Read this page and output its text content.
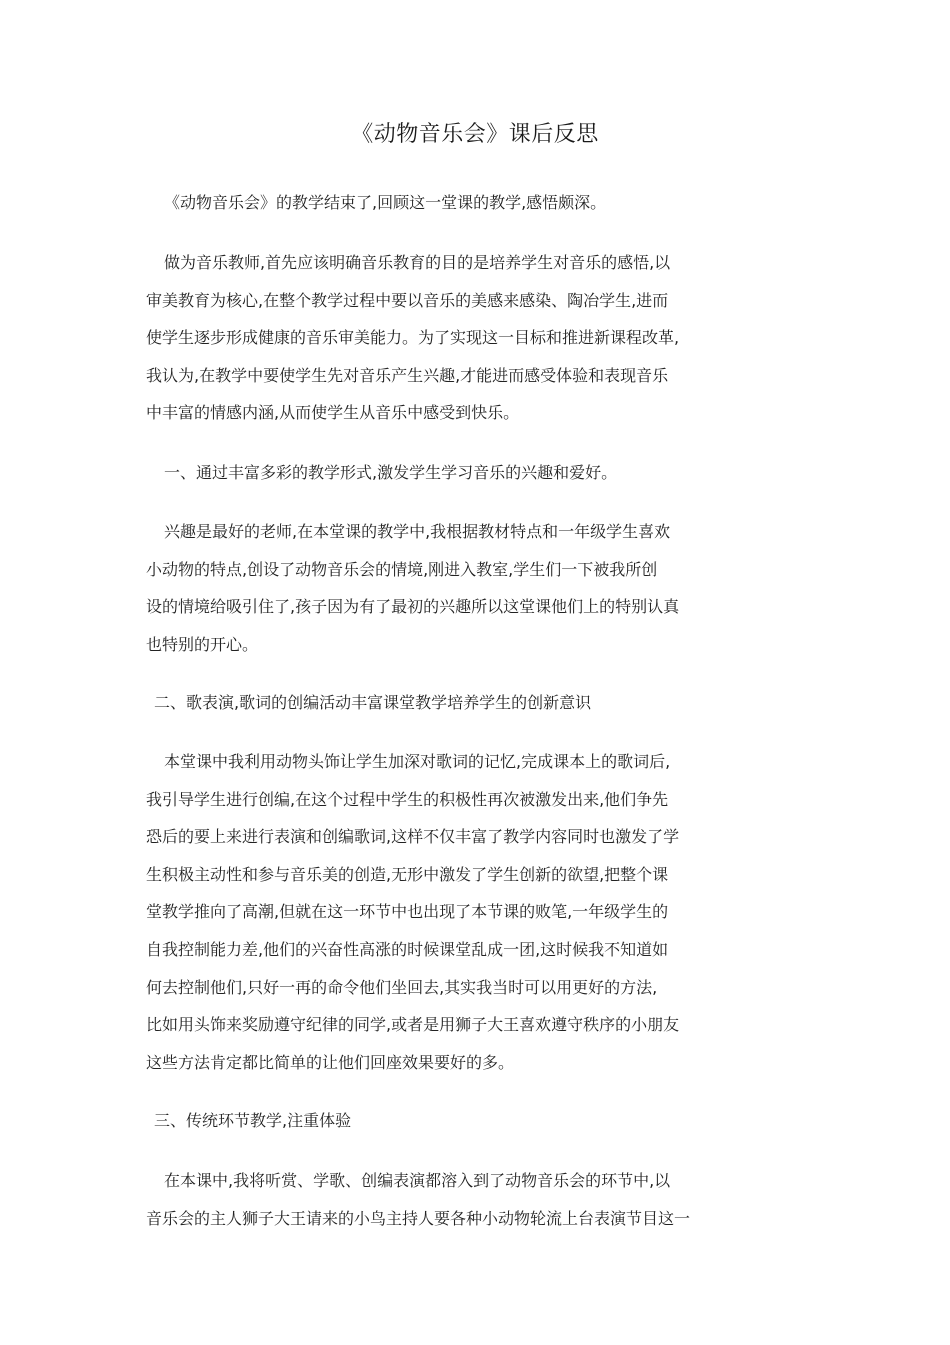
《动物音乐会》课后反思
《动物音乐会》的教学结束了,回顾这一堂课的教学,感悟颇深。
做为音乐教师,首先应该明确音乐教育的目的是培养学生对音乐的感悟,以
审美教育为核心,在整个教学过程中要以音乐的美感来感染、陶冶学生,进而
使学生逐步形成健康的音乐审美能力。为了实现这一目标和推进新课程改革,
我认为,在教学中要使学生先对音乐产生兴趣,才能进而感受体验和表现音乐
中丰富的情感内涵,从而使学生从音乐中感受到快乐。
一、通过丰富多彩的教学形式,激发学生学习音乐的兴趣和爱好。
兴趣是最好的老师,在本堂课的教学中,我根据教材特点和一年级学生喜欢
小动物的特点,创设了动物音乐会的情境,刚进入教室,学生们一下被我所创
设的情境给吸引住了,孩子因为有了最初的兴趣所以这堂课他们上的特别认真
也特别的开心。
二、歌表演,歌词的创编活动丰富课堂教学培养学生的创新意识
本堂课中我利用动物头饰让学生加深对歌词的记忆,完成课本上的歌词后,
我引导学生进行创编,在这个过程中学生的积极性再次被激发出来,他们争先
恐后的要上来进行表演和创编歌词,这样不仅丰富了教学内容同时也激发了学
生积极主动性和参与音乐美的创造,无形中激发了学生创新的欲望,把整个课
堂教学推向了高潮,但就在这一环节中也出现了本节课的败笔,一年级学生的
自我控制能力差,他们的兴奋性高涨的时候课堂乱成一团,这时候我不知道如
何去控制他们,只好一再的命令他们坐回去,其实我当时可以用更好的方法,
比如用头饰来奖励遵守纪律的同学,或者是用狮子大王喜欢遵守秩序的小朋友
这些方法肯定都比简单的让他们回座效果要好的多。
三、传统环节教学,注重体验
在本课中,我将听赏、学歌、创编表演都溶入到了动物音乐会的环节中,以
音乐会的主人狮子大王请来的小鸟主持人要各种小动物轮流上台表演节目这一
